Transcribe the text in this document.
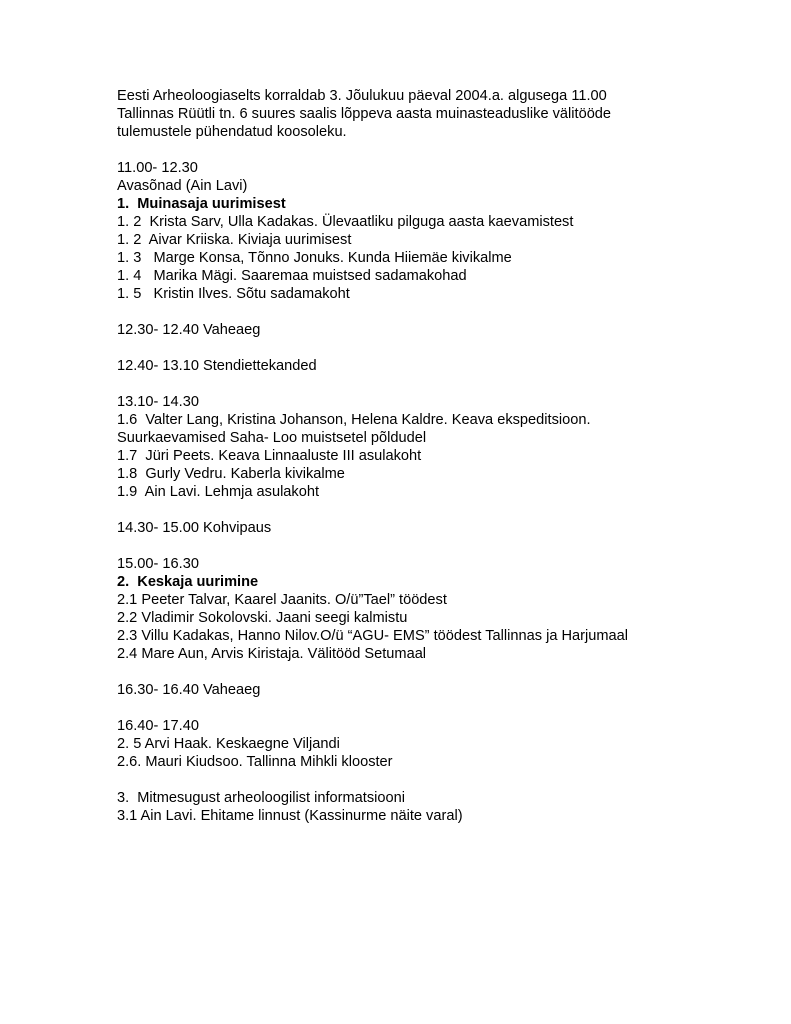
Eesti Arheoloogiaselts korraldab 3. Jõulukuu päeval 2004.a. algusega 11.00
Tallinnas Rüütli tn. 6 suures saalis lõppeva aasta muinasteaduslike välitööde
tulemustele pühendatud koosoleku.
11.00- 12.30
Avasõnad (Ain Lavi)
1.  Muinasaja uurimisest
1. 2  Krista Sarv, Ulla Kadakas. Ülevaatliku pilguga aasta kaevamistest
1. 2  Aivar Kriiska. Kiviaja uurimisest
1. 3   Marge Konsa, Tõnno Jonuks. Kunda Hiiemäe kivikalme
1. 4   Marika Mägi. Saaremaa muistsed sadamakohad
1. 5   Kristin Ilves. Sõtu sadamakoht
12.30- 12.40 Vaheaeg
12.40- 13.10 Stendiettekanded
13.10- 14.30
1.6  Valter Lang, Kristina Johanson, Helena Kaldre. Keava ekspeditsioon.
Suurkaevamised Saha- Loo muistsetel põldudel
1.7  Jüri Peets. Keava Linnaaluste III asulakoht
1.8  Gurly Vedru. Kaberla kivikalme
1.9  Ain Lavi. Lehmja asulakoht
14.30- 15.00 Kohvipaus
15.00- 16.30
2.  Keskaja uurimine
2.1 Peeter Talvar, Kaarel Jaanits. O/ü”Tael” töödest
2.2 Vladimir Sokolovski. Jaani seegi kalmistu
2.3 Villu Kadakas, Hanno Nilov.O/ü “AGU- EMS” töödest Tallinnas ja Harjumaal
2.4 Mare Aun, Arvis Kiristaja. Välitööd Setumaal
16.30- 16.40 Vaheaeg
16.40- 17.40
2. 5 Arvi Haak. Keskaegne Viljandi
2.6. Mauri Kiudsoo. Tallinna Mihkli klooster
3.  Mitmesugust arheoloogilist informatsiooni
3.1 Ain Lavi. Ehitame linnust (Kassinurme näite varal)
